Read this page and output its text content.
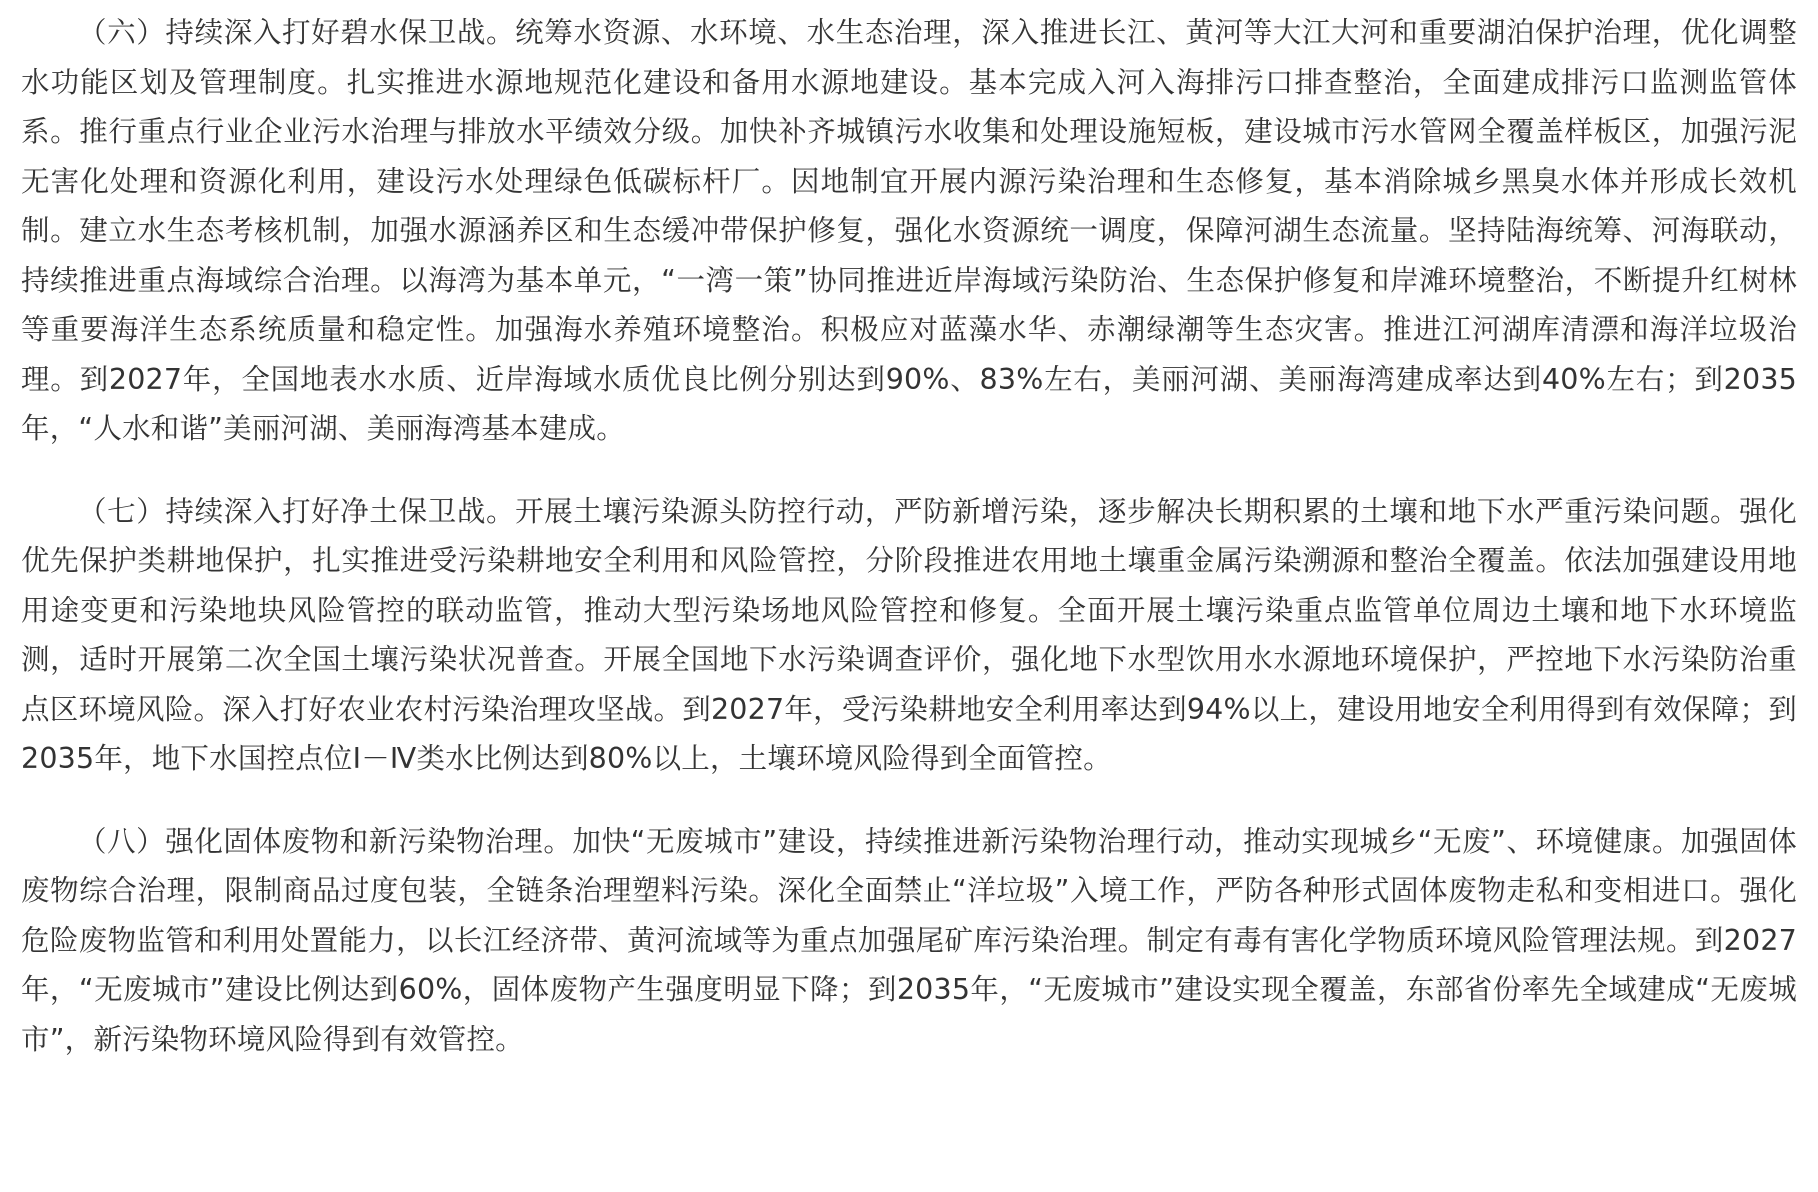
（六）持续深入打好碧水保卫战。统筹水资源、水环境、水生态治理，深入推进长江、黄河等大江大河和重要湖泊保护治理，优化调整水功能区划及管理制度。扎实推进水源地规范化建设和备用水源地建设。基本完成入河入海排污口排查整治，全面建成排污口监测监管体系。推行重点行业企业污水治理与排放水平绩效分级。加快补齐城镇污水收集和处理设施短板，建设城市污水管网全覆盖样板区，加强污泥无害化处理和资源化利用，建设污水处理绿色低碳标杆厂。因地制宜开展内源污染治理和生态修复，基本消除城乡黑臭水体并形成长效机制。建立水生态考核机制，加强水源涵养区和生态缓冲带保护修复，强化水资源统一调度，保障河湖生态流量。坚持陆海统筹、河海联动，持续推进重点海域综合治理。以海湾为基本单元，“一湾一策”协同推进近岸海域污染防治、生态保护修复和岸滩环境整治，不断提升红树林等重要海洋生态系统质量和稳定性。加强海水养殖环境整治。积极应对蓝藻水华、赤潮绿潮等生态灾害。推进江河湖库清漂和海洋垃圾治理。到2027年，全国地表水水质、近岸海域水质优良比例分别达到90%、83%左右，美丽河湖、美丽海湾建成率达到40%左右；到2035年，“人水和谐”美丽河湖、美丽海湾基本建成。

（七）持续深入打好净土保卫战。开展土壤污染源头防控行动，严防新增污染，逐步解决长期积累的土壤和地下水严重污染问题。强化优先保护类耕地保护，扎实推进受污染耕地安全利用和风险管控，分阶段推进农用地土壤重金属污染溯源和整治全覆盖。依法加强建设用地用途变更和污染地块风险管控的联动监管，推动大型污染场地风险管控和修复。全面开展土壤污染重点监管单位周边土壤和地下水环境监测，适时开展第二次全国土壤污染状况普查。开展全国地下水污染调查评价，强化地下水型饮用水水源地环境保护，严控地下水污染防治重点区环境风险。深入打好农业农村污染治理攻坚战。到2027年，受污染耕地安全利用率达到94%以上，建设用地安全利用得到有效保障；到2035年，地下水国控点位Ⅰ－Ⅳ类水比例达到80%以上，土壤环境风险得到全面管控。

（八）强化固体废物和新污染物治理。加快“无废城市”建设，持续推进新污染物治理行动，推动实现城乡“无废”、环境健康。加强固体废物综合治理，限制商品过度包装，全链条治理塑料污染。深化全面禁止“洋垃圾”入境工作，严防各种形式固体废物走私和变相进口。强化危险废物监管和利用处置能力，以长江经济带、黄河流域等为重点加强尾矿库污染治理。制定有毒有害化学物质环境风险管理法规。到2027年，“无废城市”建设比例达到60%，固体废物产生强度明显下降；到2035年，“无废城市”建设实现全覆盖，东部省份率先全域建成“无废城市”，新污染物环境风险得到有效管控。
